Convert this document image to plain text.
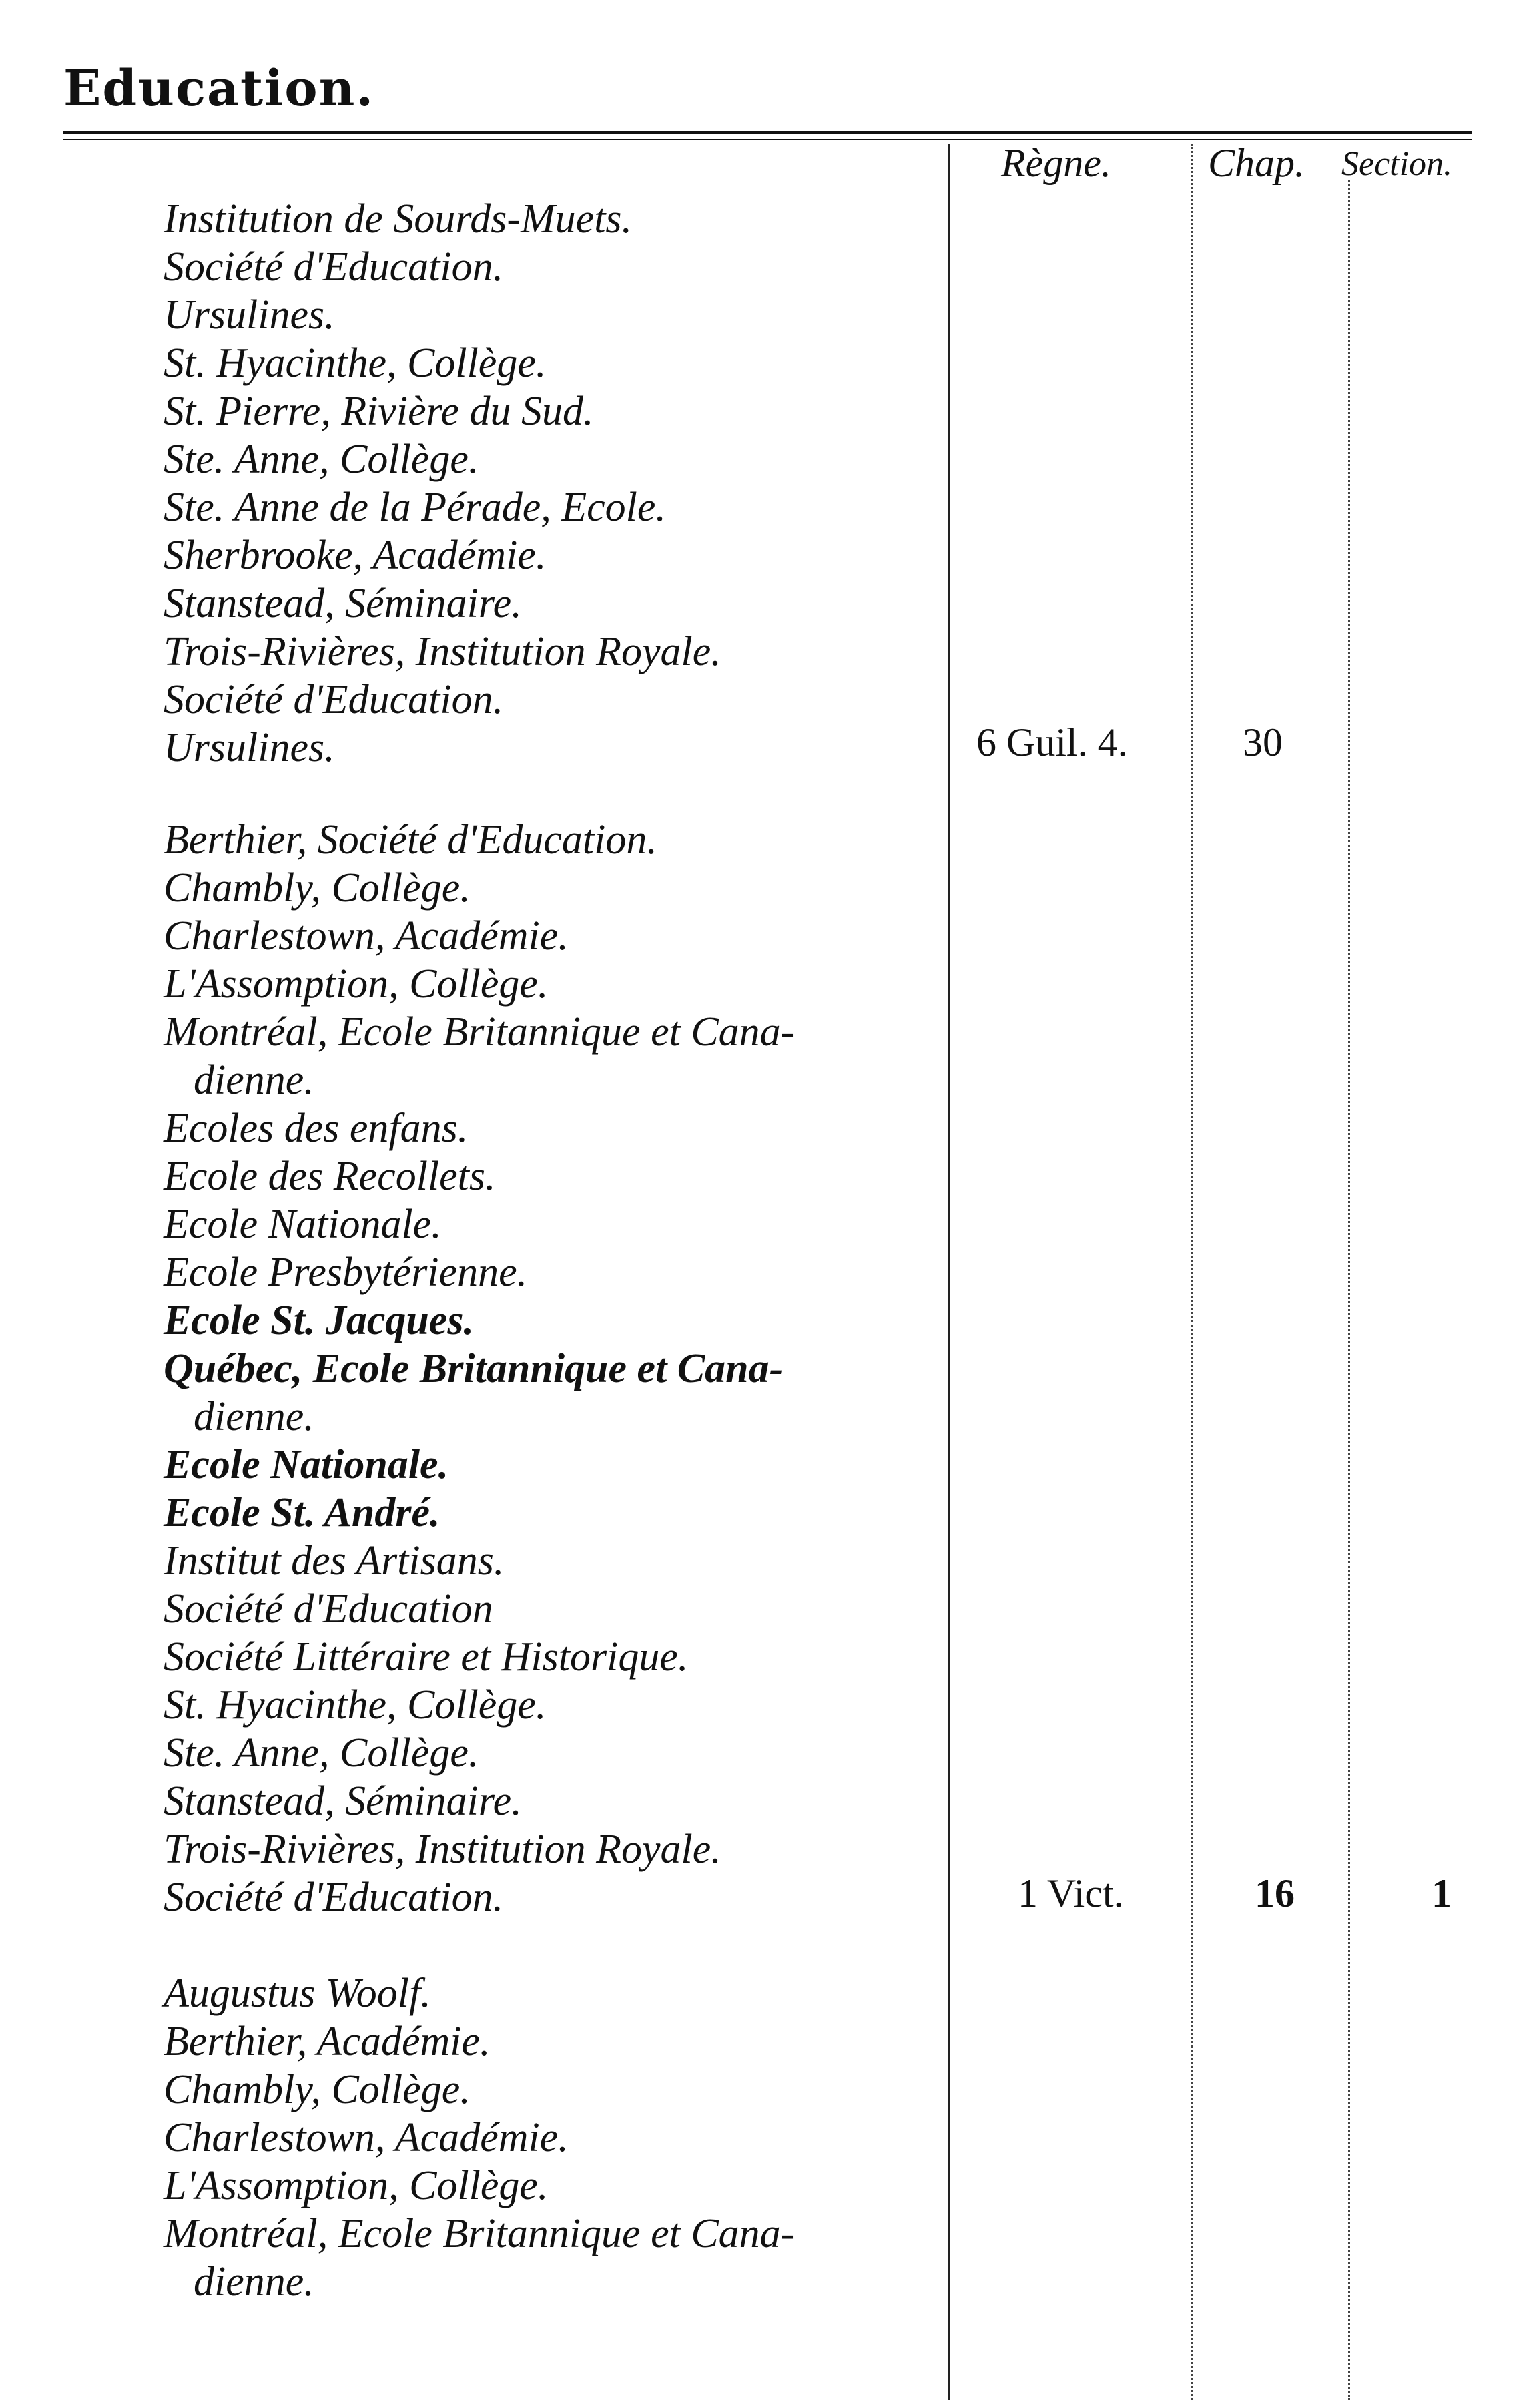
Education.
Règne. Chap. Section.
Institution de Sourds-Muets.
Société d'Education.
Ursulines.
St. Hyacinthe, Collège.
St. Pierre, Rivière du Sud.
Ste. Anne, Collège.
Ste. Anne de la Pérade, Ecole.
Sherbrooke, Académie.
Stanstead, Séminaire.
Trois-Rivières, Institution Royale.
Société d'Education.
Ursulines.	6 Guil. 4.	30
Berthier, Société d'Education.
Chambly, Collège.
Charlestown, Académie.
L'Assomption, Collège.
Montréal, Ecole Britannique et Cana-
dienne.
Ecoles des enfans.
Ecole des Recollets.
Ecole Nationale.
Ecole Presbytérienne.
Ecole St. Jacques.
Québec, Ecole Britannique et Cana-
dienne.
Ecole Nationale.
Ecole St. André.
Institut des Artisans.
Société d'Education
Société Littéraire et Historique.
St. Hyacinthe, Collège.
Ste. Anne, Collège.
Stanstead, Séminaire.
Trois-Rivières, Institution Royale.
Société d'Education.	1 Vict.	16	1
Augustus Woolf.
Berthier, Académie.
Chambly, Collège.
Charlestown, Académie.
L'Assomption, Collège.
Montréal, Ecole Britannique et Cana-
dienne.
